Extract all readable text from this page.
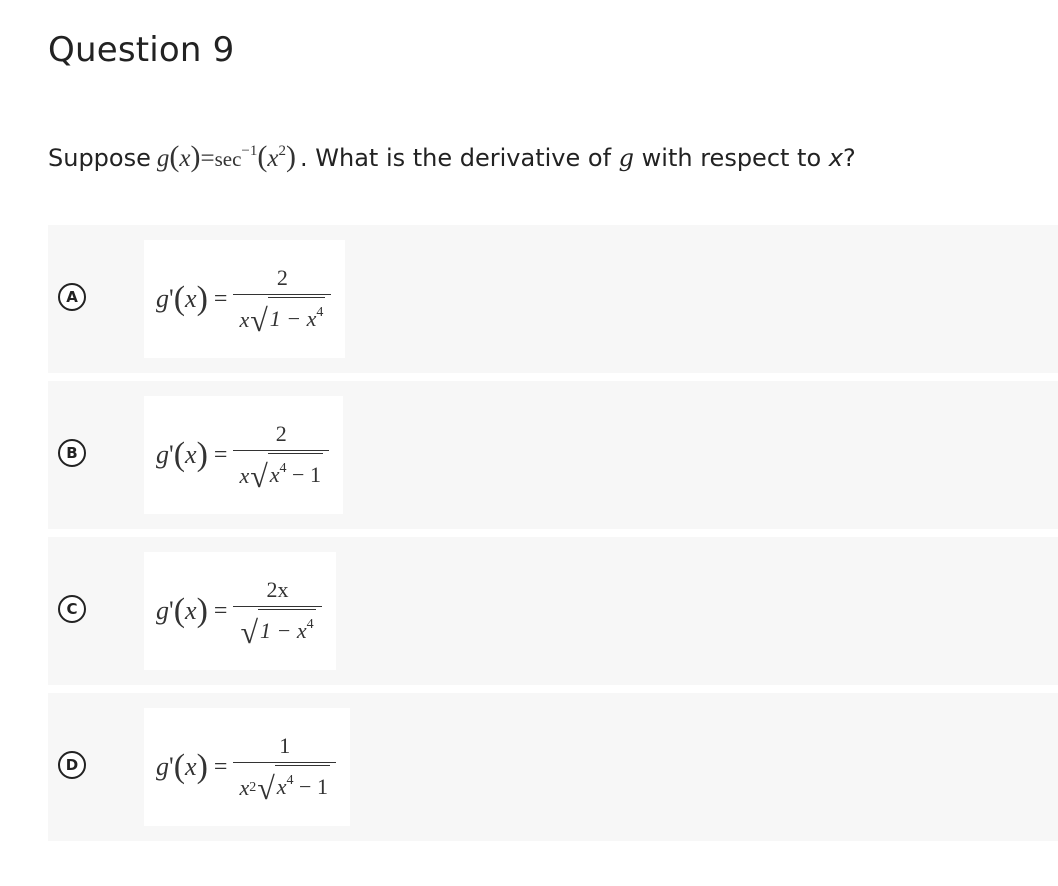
Question 9
Suppose $g(x)=\sec^{-1}(x^2)$ . What is the derivative of g with respect to x?
A	g ' ( x ) = $\frac{2}{x √ 1 - x^4}$
B	g ' ( x ) = $\frac{2}{x √ x^4 - 1}$
C	g ' ( x ) = $\frac{2x}{√ 1 - x^4}$
D	g ' ( x ) = $\frac{1}{x 2 √ x^4 - 1}$
